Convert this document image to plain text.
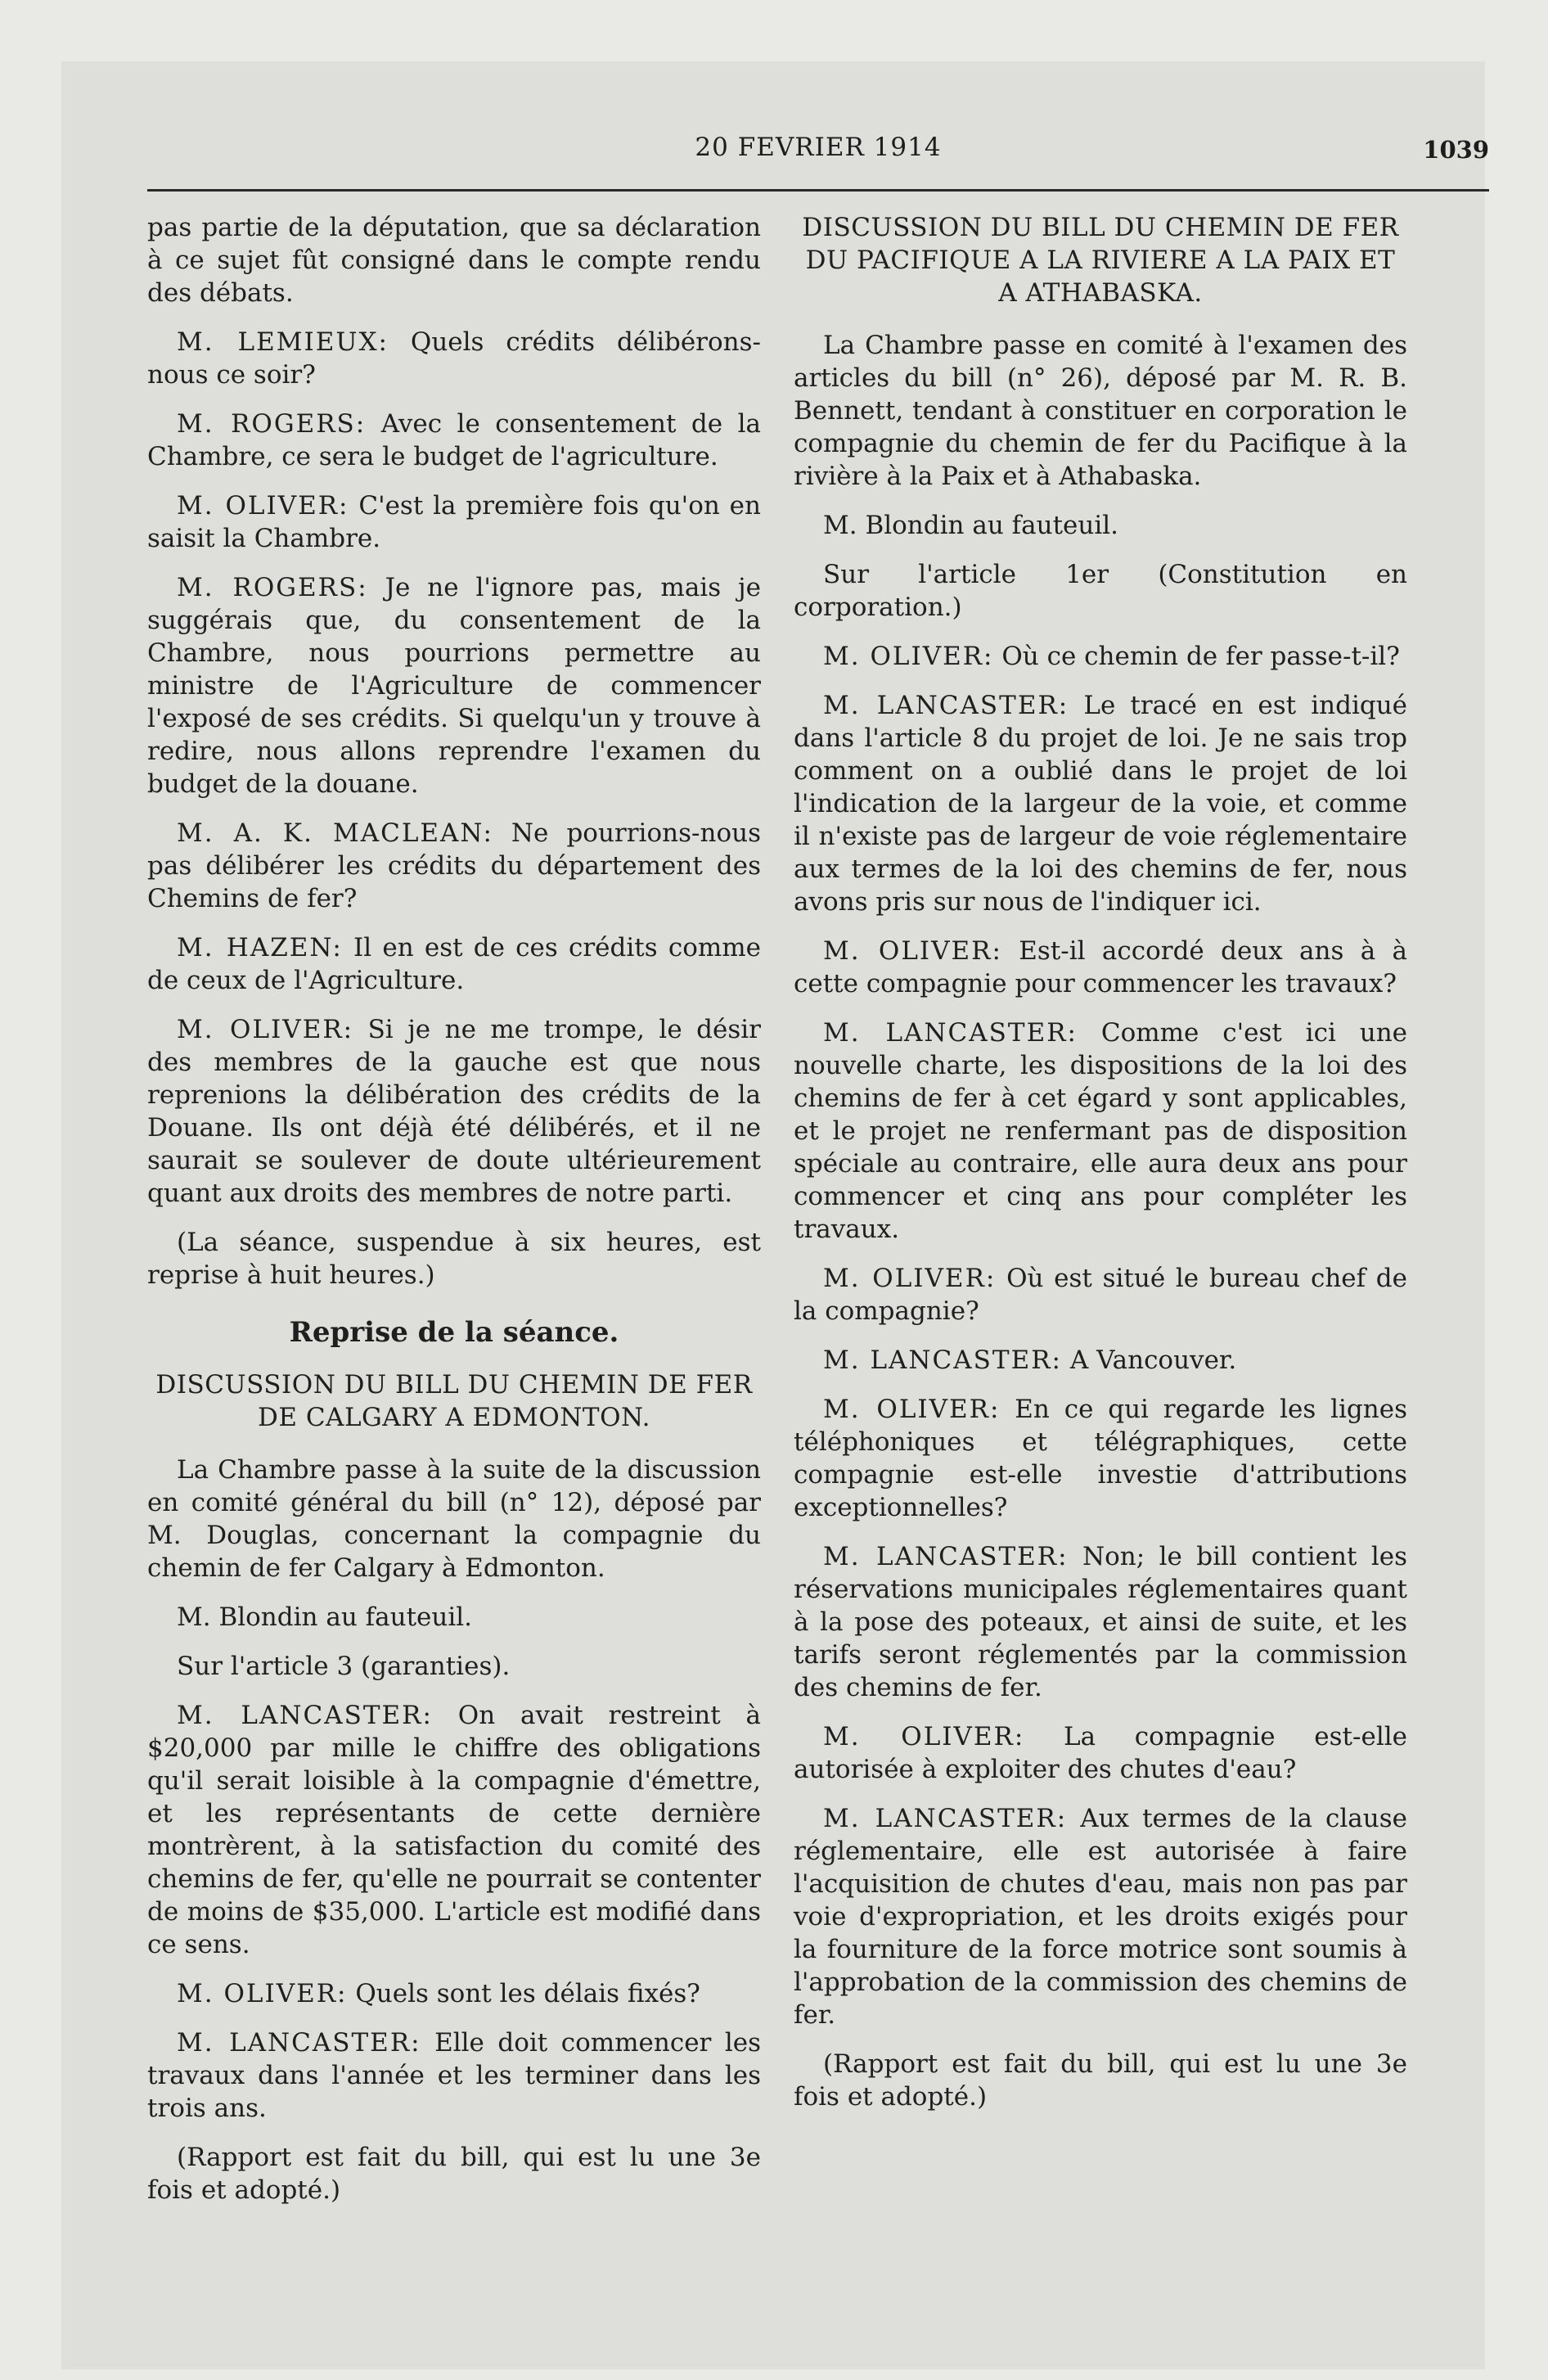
20 FEVRIER 1914	1039

pas partie de la députation, que sa déclaration à ce sujet fût consigné dans le compte rendu des débats.

M. LEMIEUX: Quels crédits délibérons-nous ce soir?

M. ROGERS: Avec le consentement de la Chambre, ce sera le budget de l'agriculture.

M. OLIVER: C'est la première fois qu'on en saisit la Chambre.

M. ROGERS: Je ne l'ignore pas, mais je suggérais que, du consentement de la Chambre, nous pourrions permettre au ministre de l'Agriculture de commencer l'exposé de ses crédits. Si quelqu'un y trouve à redire, nous allons reprendre l'examen du budget de la douane.

M. A. K. MACLEAN: Ne pourrions-nous pas délibérer les crédits du département des Chemins de fer?

M. HAZEN: Il en est de ces crédits comme de ceux de l'Agriculture.

M. OLIVER: Si je ne me trompe, le désir des membres de la gauche est que nous reprenions la délibération des crédits de la Douane. Ils ont déjà été délibérés, et il ne saurait se soulever de doute ultérieurement quant aux droits des membres de notre parti.

(La séance, suspendue à six heures, est reprise à huit heures.)

Reprise de la séance.
DISCUSSION DU BILL DU CHEMIN DE FER DE CALGARY A EDMONTON.

La Chambre passe à la suite de la discussion en comité général du bill (n° 12), déposé par M. Douglas, concernant la compagnie du chemin de fer Calgary à Edmonton.

M. Blondin au fauteuil.

Sur l'article 3 (garanties).

M. LANCASTER: On avait restreint à $20,000 par mille le chiffre des obligations qu'il serait loisible à la compagnie d'émettre, et les représentants de cette dernière montrèrent, à la satisfaction du comité des chemins de fer, qu'elle ne pourrait se contenter de moins de $35,000. L'article est modifié dans ce sens.

M. OLIVER: Quels sont les délais fixés?

M. LANCASTER: Elle doit commencer les travaux dans l'année et les terminer dans les trois ans.

(Rapport est fait du bill, qui est lu une 3e fois et adopté.)

DISCUSSION DU BILL DU CHEMIN DE FER DU PACIFIQUE A LA RIVIERE A LA PAIX ET A ATHABASKA.

La Chambre passe en comité à l'examen des articles du bill (n° 26), déposé par M. R. B. Bennett, tendant à constituer en corporation le compagnie du chemin de fer du Pacifique à la rivière à la Paix et à Athabaska.

M. Blondin au fauteuil.

Sur l'article 1er (Constitution en corporation.)

M. OLIVER: Où ce chemin de fer passe-t-il?

M. LANCASTER: Le tracé en est indiqué dans l'article 8 du projet de loi. Je ne sais trop comment on a oublié dans le projet de loi l'indication de la largeur de la voie, et comme il n'existe pas de largeur de voie réglementaire aux termes de la loi des chemins de fer, nous avons pris sur nous de l'indiquer ici.

M. OLIVER: Est-il accordé deux ans à à cette compagnie pour commencer les travaux?

M. LANCASTER: Comme c'est ici une nouvelle charte, les dispositions de la loi des chemins de fer à cet égard y sont applicables, et le projet ne renfermant pas de disposition spéciale au contraire, elle aura deux ans pour commencer et cinq ans pour compléter les travaux.

M. OLIVER: Où est situé le bureau chef de la compagnie?

M. LANCASTER: A Vancouver.

M. OLIVER: En ce qui regarde les lignes téléphoniques et télégraphiques, cette compagnie est-elle investie d'attributions exceptionnelles?

M. LANCASTER: Non; le bill contient les réservations municipales réglementaires quant à la pose des poteaux, et ainsi de suite, et les tarifs seront réglementés par la commission des chemins de fer.

M. OLIVER: La compagnie est-elle autorisée à exploiter des chutes d'eau?

M. LANCASTER: Aux termes de la clause réglementaire, elle est autorisée à faire l'acquisition de chutes d'eau, mais non pas par voie d'expropriation, et les droits exigés pour la fourniture de la force motrice sont soumis à l'approbation de la commission des chemins de fer.

(Rapport est fait du bill, qui est lu une 3e fois et adopté.)
